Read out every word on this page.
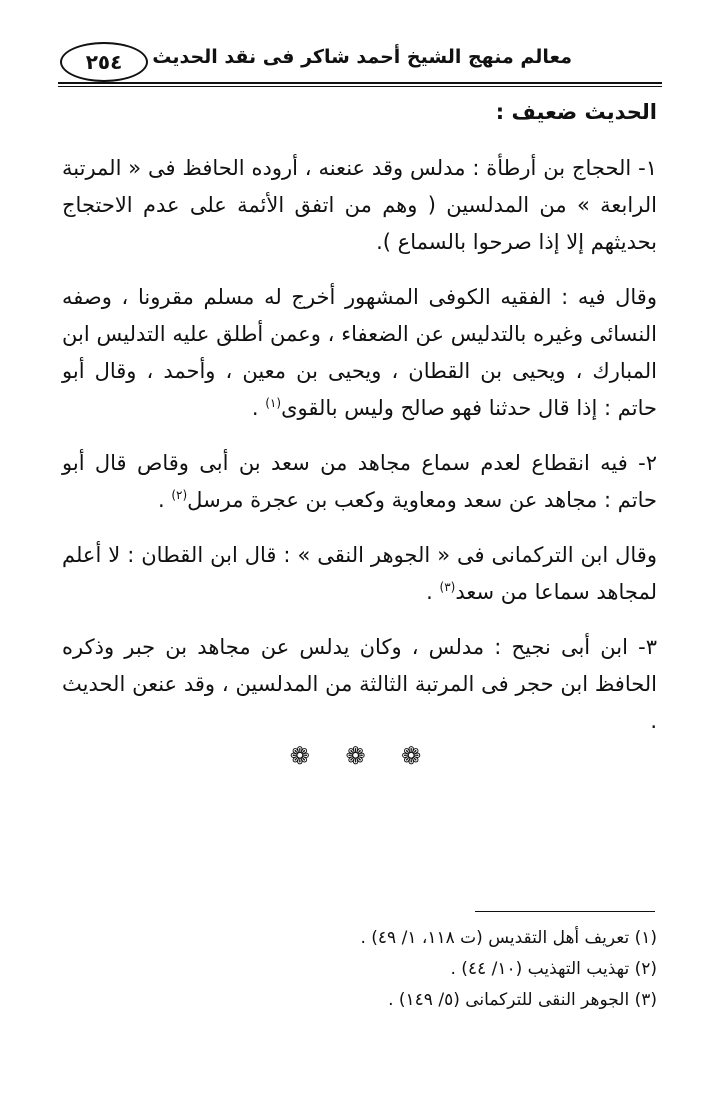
٢٥٤	معالم منهج الشيخ أحمد شاكر فى نقد الحديث
الحديث ضعيف :

١- الحجاج بن أرطأة : مدلس وقد عنعنه ، أروده الحافظ فى « المرتبة الرابعة » من المدلسين ( وهم من اتفق الأئمة على عدم الاحتجاج بحديثهم إلا إذا صرحوا بالسماع ).

وقال فيه : الفقيه الكوفى المشهور أخرج له مسلم مقرونا ، وصفه النسائى وغيره بالتدليس عن الضعفاء ، وعمن أطلق عليه التدليس ابن المبارك ، ويحيى بن القطان ، ويحيى بن معين ، وأحمد ، وقال أبو حاتم : إذا قال حدثنا فهو صالح وليس بالقوى$^{(١)}$ .

٢- فيه انقطاع لعدم سماع مجاهد من سعد بن أبى وقاص قال أبو حاتم : مجاهد عن سعد ومعاوية وكعب بن عجرة مرسل$^{(٢)}$ .

وقال ابن التركمانى فى « الجوهر النقى » : قال ابن القطان : لا أعلم لمجاهد سماعا من سعد$^{(٣)}$ .

٣- ابن أبى نجيح : مدلس ، وكان يدلس عن مجاهد بن جبر وذكره الحافظ ابن حجر فى المرتبة الثالثة من المدلسين ، وقد عنعن الحديث .

❁ ❁ ❁

(١) تعريف أهل التقديس (ت ١١٨، ١/ ٤٩) .

(٢) تهذيب التهذيب (١٠/ ٤٤) .

(٣) الجوهر النقى للتركمانى (٥/ ١٤٩) .
